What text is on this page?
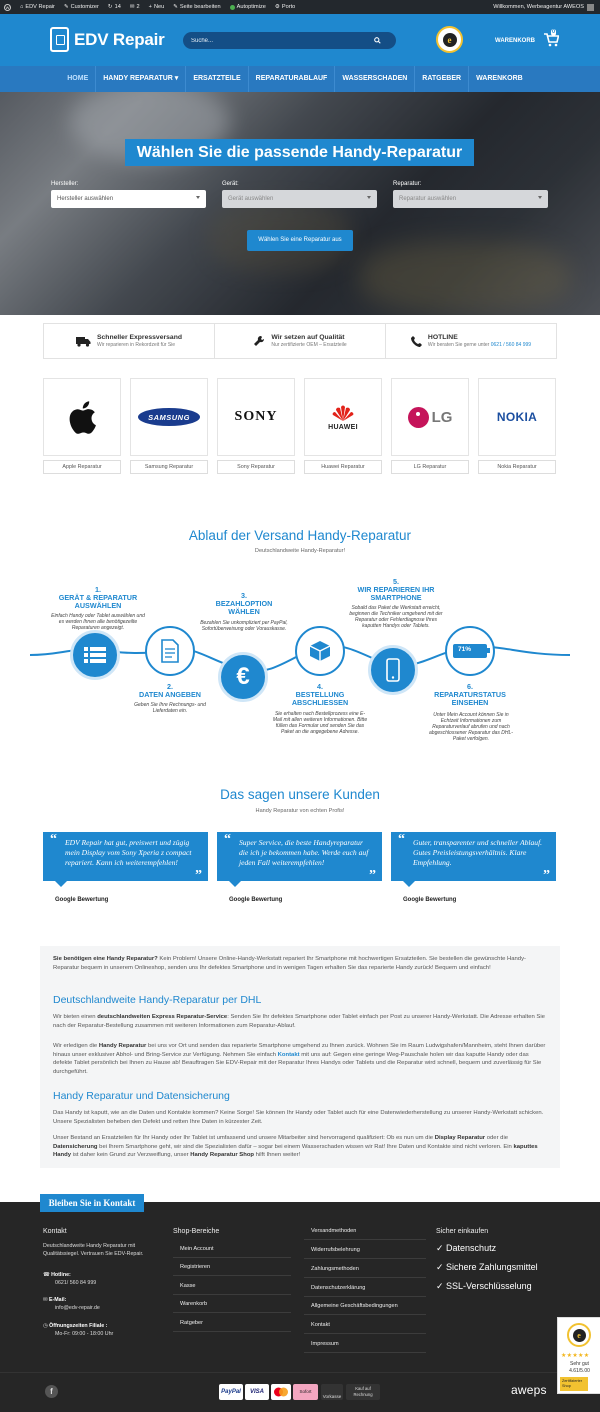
W ⌂ EDV Repair ✎ Customizer ↻ 14 ✉ 2 + Neu ✎ Seite bearbeiten	Autoptimize ⚙ Porto	Willkommen, Werbeagentur AWEOS
EDV Repair
Suche...	e	WARENKORB
0
HOME	HANDY REPARATUR ▾	ERSATZTEILE	REPARATURABLAUF	WASSERSCHADEN	RATGEBER	WARENKORB
Wählen Sie die passende Handy-Reparatur
Hersteller:
Hersteller auswählen
Gerät:
Gerät auswählen
Reparatur:
Reparatur auswählen
Wählen Sie eine Reparatur aus
Schneller Expressversand
Wir reparieren in Rekordzeit für Sie
Wir setzen auf Qualität
Nur zertifizierte OEM – Ersatzteile
HOTLINE
Wir beraten Sie gerne unter 0621 / 560 84 999
SAMSUNG	SONY
HUAWEI
LG	NOKIA
Apple Reparatur	Samsung Reparatur	Sony Reparatur	Huawei Reparatur	LG Reparatur	Nokia Reparatur
Ablauf der Versand Handy-Reparatur
Deutschlandweite Handy-Reparatur!
€
71%
1.
GERÄT & REPARATUR AUSWÄHLEN
Einfach Handy oder Tablet auswählen und es werden Ihnen alle benötigezeilte Reparaturen angezeigt.
2.
DATEN ANGEBEN
Geben Sie Ihre Rechnungs- und Lieferdaten ein.
3.
BEZAHLOPTION WÄHLEN
Bezahlen Sie unkompliziert per PayPal, Sofortüberweisung oder Vorauskasse.
4.
BESTELLUNG ABSCHLIESSEN
Sie erhalten nach Bestellprozess eine E-Mail mit allen weiteren Informationen. Bitte füllen das Formular und senden Sie das Paket an die angegebene Adresse.
5.
WIR REPARIEREN IHR SMARTPHONE
Sobald das Paket die Werkstatt erreicht, beginnen die Techniker umgehend mit der Reparatur oder Fehlerdiagnose Ihres kaputten Handys oder Tablets.
6.
REPARATURSTATUS EINSEHEN
Unter Mein Account können Sie in Echtzeit Informationen zum Reparaturverlauf abrufen und nach abgeschlossener Reparatur das DHL-Paket verfolgen.
Das sagen unsere Kunden
Handy Reparatur von echten Profis!
“ EDV Repair hat gut, preiswert und zügig mein Display vom Sony Xperia z compact repariert. Kann ich weiterempfehlen!
”
“ Super Service, die beste Handyreparatur die ich je bekommen habe. Werde euch auf jeden Fall weiterempfehlen!
”
“ Guter, transparenter und schneller Ablauf. Gutes Preisleistungsverhältnis. Klare Empfehlung.
”
Google Bewertung	Google Bewertung	Google Bewertung
Sie benötigen eine Handy Reparatur? Kein Problem! Unsere Online-Handy-Werkstatt repariert Ihr Smartphone mit hochwertigen Ersatzteilen. Sie bestellen die gewünschte Handy-Reparatur bequem in unserem Onlineshop, senden uns Ihr defektes Smartphone und in wenigen Tagen erhalten Sie das reparierte Handy zurück! Bequem und einfach!
Deutschlandweite Handy-Reparatur per DHL
Wir bieten einen deutschlandweiten Express Reparatur-Service: Senden Sie Ihr defektes Smartphone oder Tablet einfach per Post zu unserer Handy-Werkstatt. Die Adresse erhalten Sie nach der Reparatur-Bestellung zusammen mit weiteren Informationen zum Reparatur-Ablauf.
Wir erledigen die Handy Reparatur bei uns vor Ort und senden das reparierte Smartphone umgehend zu Ihnen zurück. Wohnen Sie im Raum Ludwigshafen/Mannheim, steht Ihnen darüber hinaus unser exklusiver Abhol- und Bring-Service zur Verfügung. Nehmen Sie einfach Kontakt mit uns auf: Gegen eine geringe Weg-Pauschale holen wir das kaputte Handy oder das defekte Tablet persönlich bei Ihnen zu Hause ab! Beauftragen Sie EDV-Repair mit der Reparatur Ihres Handys oder Tablets und die Reparatur wird schnell, bequem und zuverlässig für Sie durchgeführt.
Handy Reparatur und Datensicherung
Das Handy ist kaputt, wie an die Daten und Kontakte kommen? Keine Sorge! Sie können Ihr Handy oder Tablet auch für eine Datenwiederherstellung zu unserer Handy-Werkstatt schicken. Unsere Spezialisten beheben den Defekt und retten Ihre Daten in kürzester Zeit.
Unser Bestand an Ersatzteilen für Ihr Handy oder Ihr Tablet ist umfassend und unsere Mitarbeiter sind hervorragend qualifiziert: Ob es nun um die Display Reparatur oder die Datensicherung bei Ihrem Smartphone geht, wir sind die Spezialisten dafür – sogar bei einem Wasserschaden wissen wir Rat! Ihre Daten und Kontakte sind nicht verloren. Ein kaputtes Handy ist daher kein Grund zur Verzweiflung, unser Handy Reparatur Shop hilft Ihnen weiter!
Bleiben Sie in Kontakt
Kontakt
Deutschlandweite Handy Reparatur mit
Qualitätssiegel. Vertrauen Sie EDV-Repair.
☎ Hotline:
0621/ 560 84 999
✉ E-Mail:
info@edv-repair.de
◷ Öffnungszeiten Filiale :
Mo-Fr: 09:00 - 18:00 Uhr
Shop-Bereiche
Mein Account
Registrieren
Kasse
Warenkorb
Ratgeber
Versandmethoden
Widerrufsbelehrung
Zahlungsmethoden
Datenschutzerklärung
Allgemeine Geschäftsbedingungen
Kontakt
Impressum
Sicher einkaufen
✓ Datenschutz
✓ Sichere Zahlungsmittel
✓ SSL-Verschlüsselung
f	PayPal	VISA	Sofort
Vorkasse
Kauf auf Rechnung	aweps
e
★★★★★
Sehr gut
4.61/5.00
Zertifizierter Shop
